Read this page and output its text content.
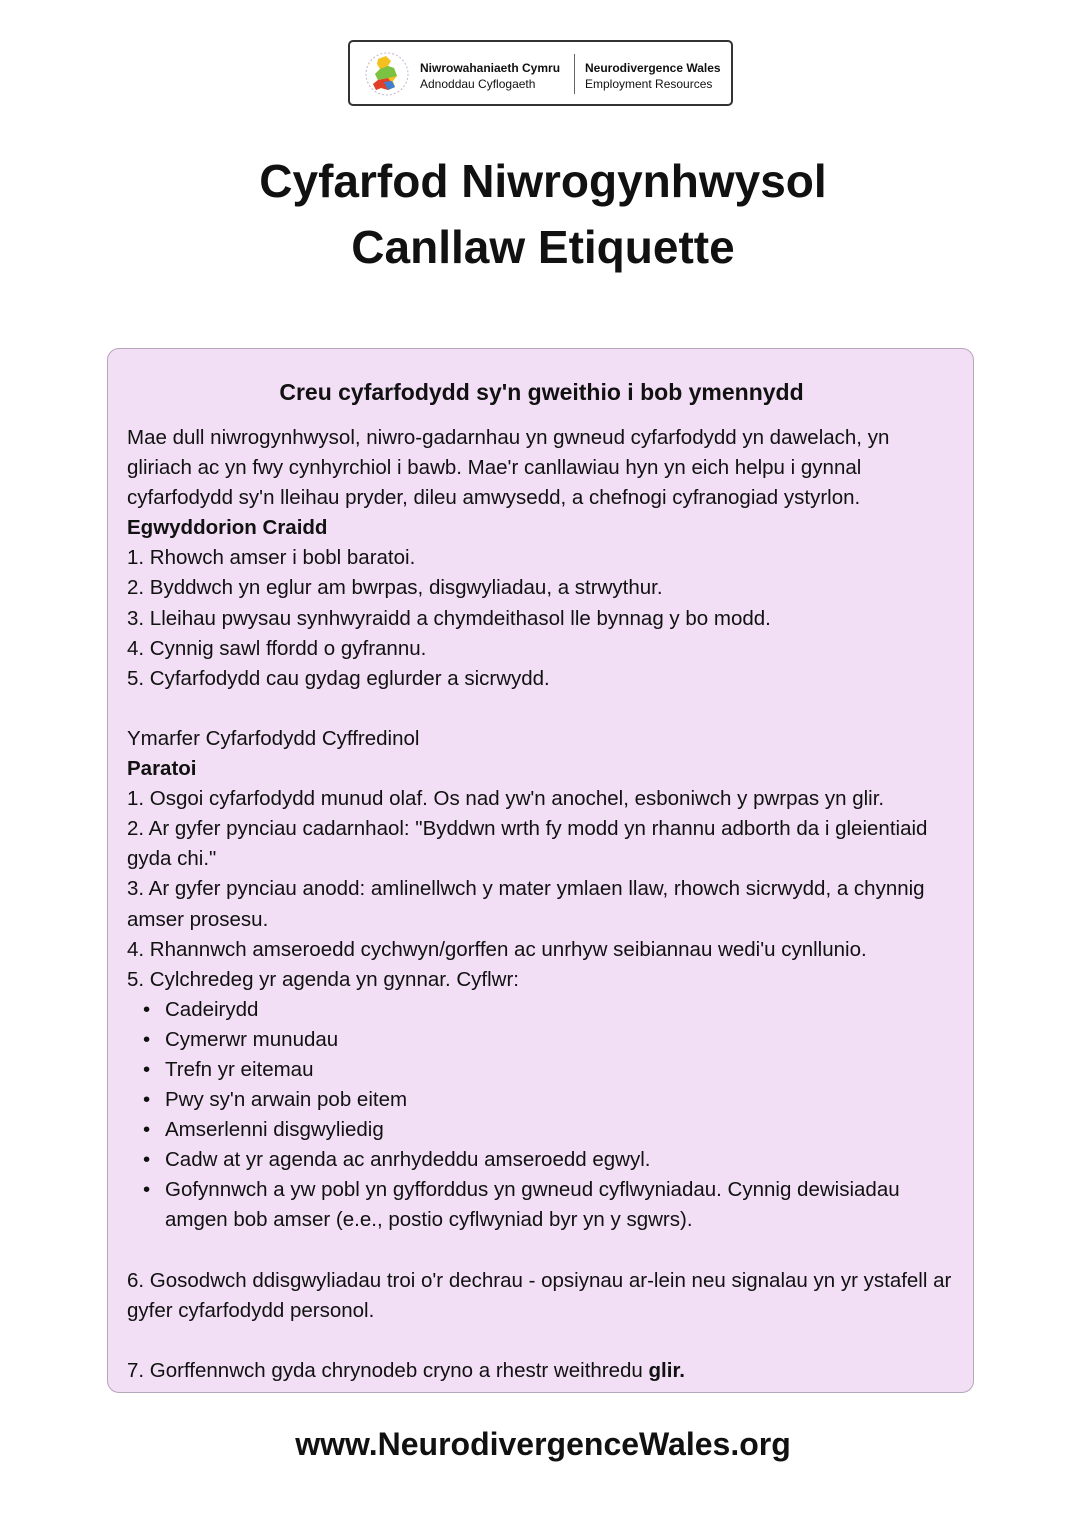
Niwrowahaniaeth Cymru
Adnoddau Cyflogaeth
Neurodivergence Wales
Employment Resources
Cyfarfod Niwrogynhwysol
Canllaw Etiquette
Creu cyfarfodydd sy'n gweithio i bob ymennydd

Mae dull niwrogynhwysol, niwro-gadarnhau yn gwneud cyfarfodydd yn dawelach, yn gliriach ac yn fwy cynhyrchiol i bawb. Mae'r canllawiau hyn yn eich helpu i gynnal cyfarfodydd sy'n lleihau pryder, dileu amwysedd, a chefnogi cyfranogiad ystyrlon.

Egwyddorion Craidd

1. Rhowch amser i bobl baratoi.

2. Byddwch yn eglur am bwrpas, disgwyliadau, a strwythur.

3. Lleihau pwysau synhwyraidd a chymdeithasol lle bynnag y bo modd.

4. Cynnig sawl ffordd o gyfrannu.

5. Cyfarfodydd cau gydag eglurder a sicrwydd.

Ymarfer Cyfarfodydd Cyffredinol

Paratoi

1. Osgoi cyfarfodydd munud olaf. Os nad yw'n anochel, esboniwch y pwrpas yn glir.

2. Ar gyfer pynciau cadarnhaol: "Byddwn wrth fy modd yn rhannu adborth da i gleientiaid gyda chi."

3. Ar gyfer pynciau anodd: amlinellwch y mater ymlaen llaw, rhowch sicrwydd, a chynnig amser prosesu.

4. Rhannwch amseroedd cychwyn/gorffen ac unrhyw seibiannau wedi'u cynllunio.

5. Cylchredeg yr agenda yn gynnar. Cyflwr:

• Cadeirydd
• Cymerwr munudau
• Trefn yr eitemau
• Pwy sy'n arwain pob eitem
• Amserlenni disgwyliedig
• Cadw at yr agenda ac anrhydeddu amseroedd egwyl.
• Gofynnwch a yw pobl yn gyfforddus yn gwneud cyflwyniadau. Cynnig dewisiadau amgen bob amser (e.e., postio cyflwyniad byr yn y sgwrs).

6. Gosodwch ddisgwyliadau troi o'r dechrau - opsiynau ar-lein neu signalau yn yr ystafell ar gyfer cyfarfodydd personol.

7. Gorffennwch gyda chrynodeb cryno a rhestr weithredu glir.

www.NeurodivergenceWales.org
